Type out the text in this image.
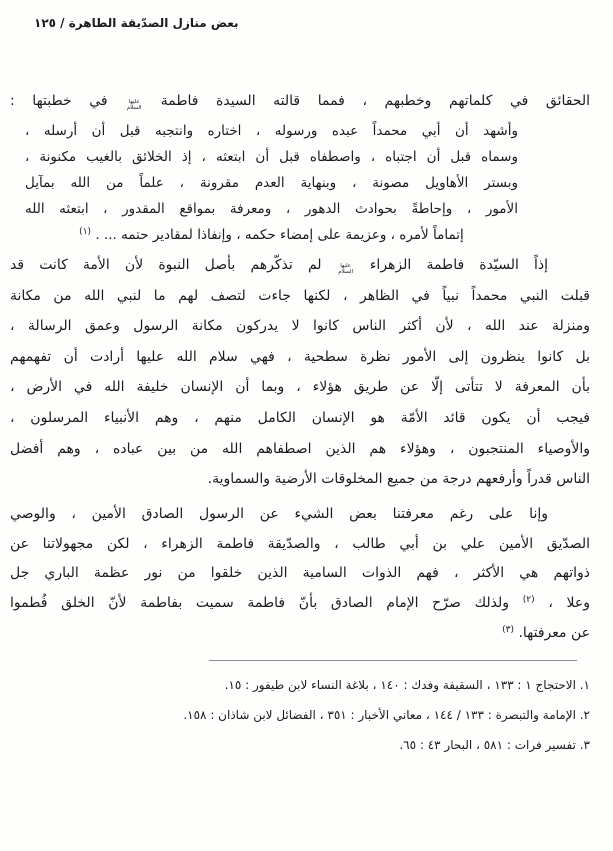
بعض منازل الصدّيقة الطاهرة / ١٢٥
الحقائق في كلماتهم وخطبهم ، فمما قالته السيدة فاطمة عليها السلام في خطبتها :
وأشهد أن أبي محمداً عبده ورسوله ، اختاره وانتجبه قبل أن أرسله ،
وسماه قبل أن اجتباه ، واصطفاه قبل أن ابتعثه ، إذ الخلائق بالغيب مكنونة ،
وبستر الأهاويل مصونة ، وبنهاية العدم مقرونة ، علماً من الله بمآيل
الأمور ، وإحاطةً بحوادث الدهور ، ومعرفة بمواقع المقدور ، ابتعثه الله
إتماماً لأمره ، وعزيمة على إمضاء حكمه ، وإنفاذا لمقادير حتمه ... . $^{(١)}$
إذاً السيّدة فاطمة الزهراء عليها السلام لم تذكّرهم بأصل النبوة لأن الأمة كانت قد
قبلت النبي محمداً نبياً في الظاهر ، لكنها جاءت لتصف لهم ما لنبي الله من مكانة
ومنزلة عند الله ، لأن أكثر الناس كانوا لا يدركون مكانة الرسول وعمق الرسالة ،
بل كانوا ينظرون إلى الأمور نظرة سطحية ، فهي سلام الله عليها أرادت أن تفهمهم
بأن المعرفة لا تتأتى إلّا عن طريق هؤلاء ، وبما أن الإنسان خليفة الله في الأرض ،
فيجب أن يكون قائد الأمّة هو الإنسان الكامل منهم ، وهم الأنبياء المرسلون ،
والأوصياء المنتجبون ، وهؤلاء هم الذين اصطفاهم الله من بين عباده ، وهم أفضل
الناس قدراً وأرفعهم درجة من جميع المخلوقات الأرضية والسماوية.
وإنا على رغم معرفتنا بعض الشيء عن الرسول الصادق الأمين ، والوصي
الصدّيق الأمين علي بن أبي طالب ، والصدّيقة فاطمة الزهراء ، لكن مجهولاتنا عن
ذواتهم هي الأكثر ، فهم الذوات السامية الذين خلقوا من نور عظمة الباري جل
وعلا ، $^{(٢)}$ ولذلك صرّح الإمام الصادق بأنّ فاطمة سميت بفاطمة لأنّ الخلق فُطموا
عن معرفتها. $^{(٣)}$
١. الاحتجاج ١ : ١٣٣ ، السقيفة وفدك : ١٤٠ ، بلاغة النساء لابن طيفور : ١٥.
٢. الإمامة والتبصرة : ١٣٣ / ١٤٤ ، معاني الأخبار : ٣٥١ ، الفضائل لابن شاذان : ١٥٨.
٣. تفسير فرات : ٥٨١ ، البحار ٤٣ : ٦٥.
